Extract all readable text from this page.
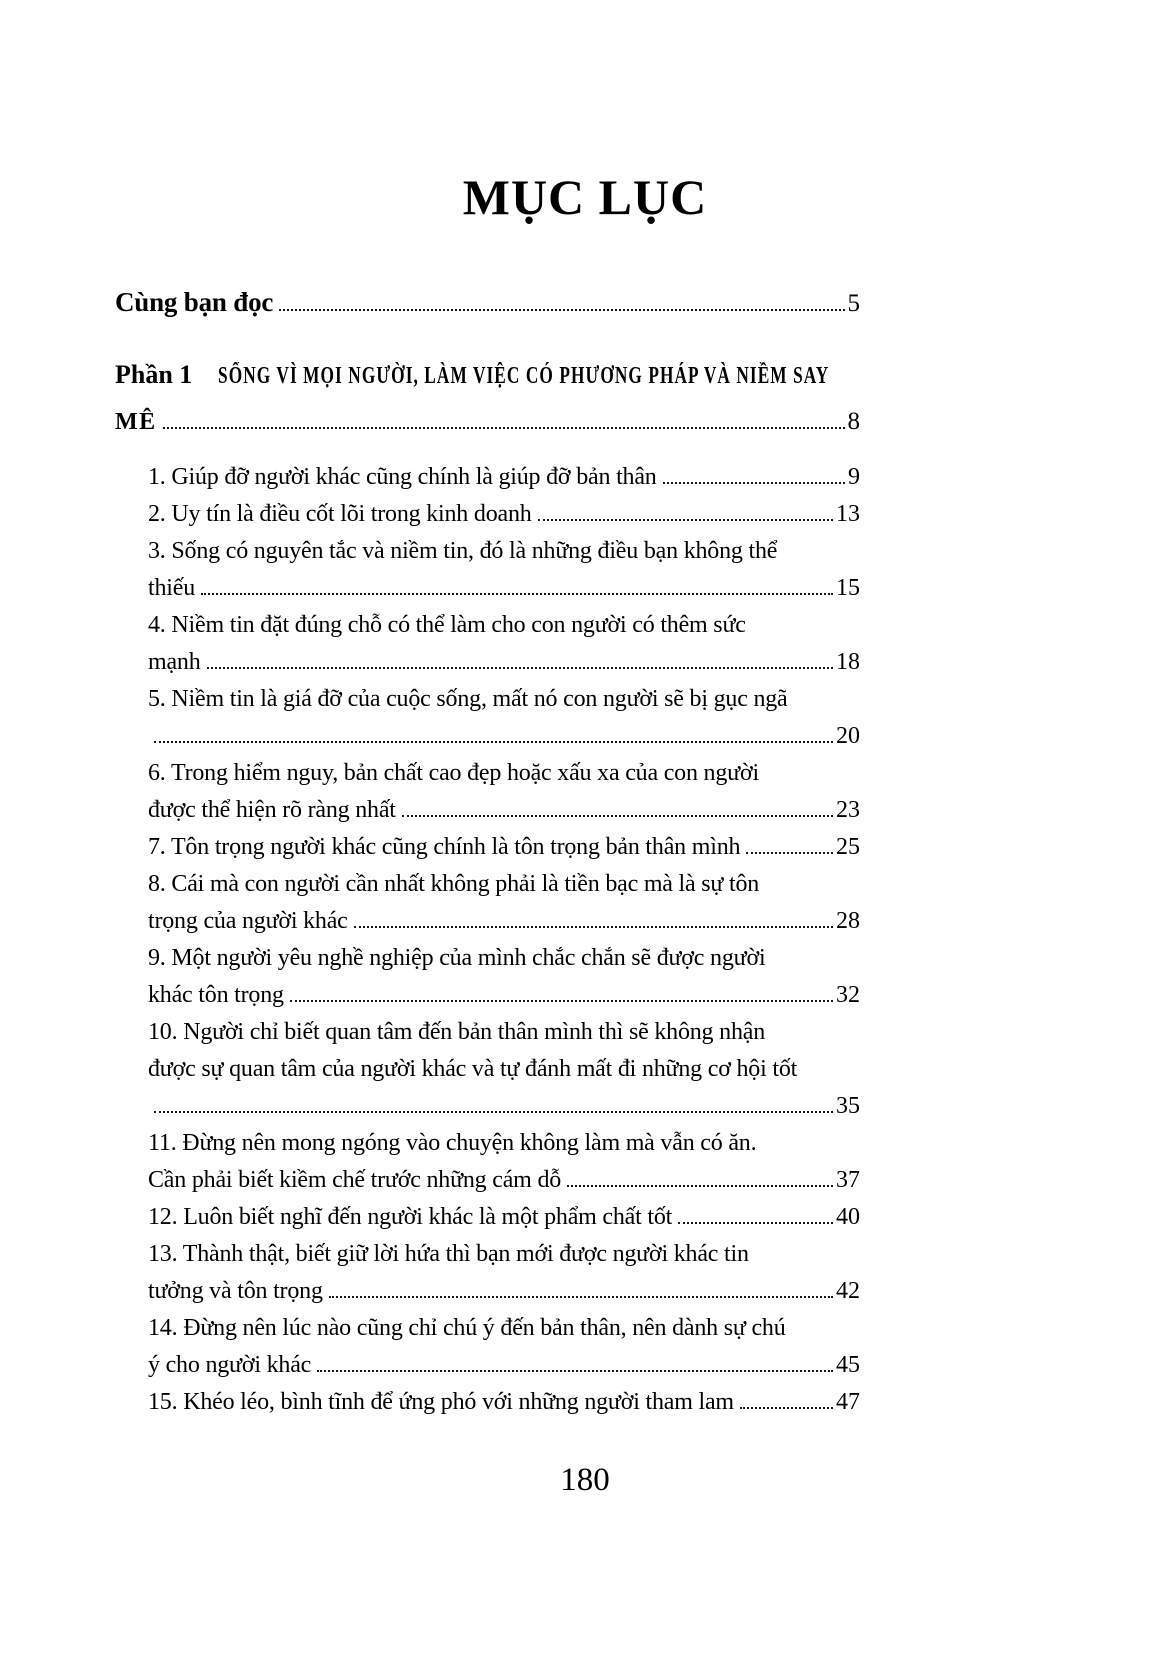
MỤC LỤC
Cùng bạn đọc	5
Phần 1 SỐNG VÌ MỌI NGƯỜI, LÀM VIỆC CÓ PHƯƠNG PHÁP VÀ NIỀM SAY
MÊ	8
1. Giúp đỡ người khác cũng chính là giúp đỡ bản thân	9
2. Uy tín là điều cốt lõi trong kinh doanh	13
3. Sống có nguyên tắc và niềm tin, đó là những điều bạn không thể
thiếu	15
4. Niềm tin đặt đúng chỗ có thể làm cho con người có thêm sức
mạnh	18
5. Niềm tin là giá đỡ của cuộc sống, mất nó con người sẽ bị gục ngã
20
6. Trong hiểm nguy, bản chất cao đẹp hoặc xấu xa của con người
được thể hiện rõ ràng nhất	23
7. Tôn trọng người khác cũng chính là tôn trọng bản thân mình	25
8. Cái mà con người cần nhất không phải là tiền bạc mà là sự tôn
trọng của người khác	28
9. Một người yêu nghề nghiệp của mình chắc chắn sẽ được người
khác tôn trọng	32
10. Người chỉ biết quan tâm đến bản thân mình thì sẽ không nhận
được sự quan tâm của người khác và tự đánh mất đi những cơ hội tốt
35
11. Đừng nên mong ngóng vào chuyện không làm mà vẫn có ăn.
Cần phải biết kiềm chế trước những cám dỗ	37
12. Luôn biết nghĩ đến người khác là một phẩm chất tốt	40
13. Thành thật, biết giữ lời hứa thì bạn mới được người khác tin
tưởng và tôn trọng	42
14. Đừng nên lúc nào cũng chỉ chú ý đến bản thân, nên dành sự chú
ý cho người khác	45
15. Khéo léo, bình tĩnh để ứng phó với những người tham lam	47
180
